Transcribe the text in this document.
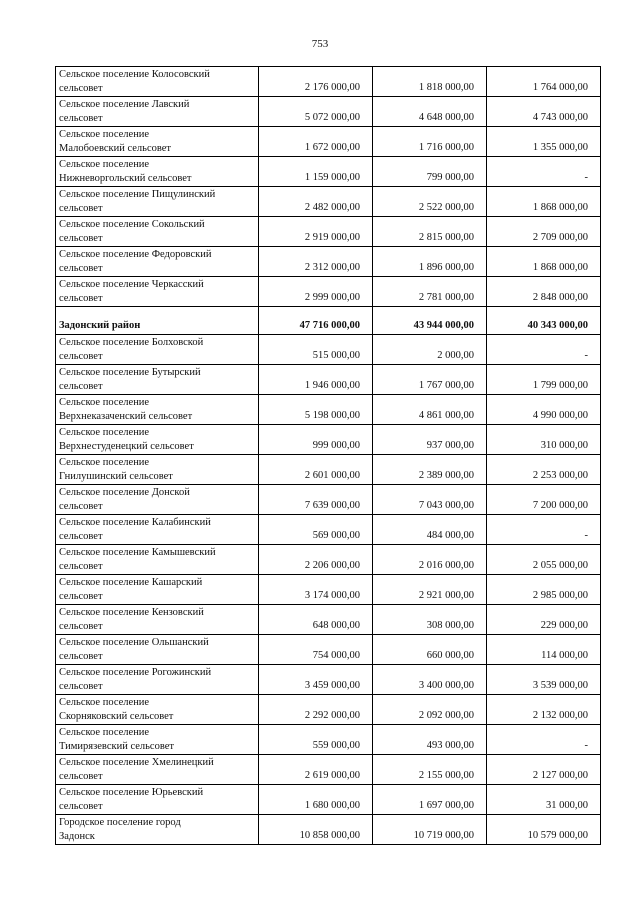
753
Сельское поселение Колосовский
сельсовет	2 176 000,00	1 818 000,00	1 764 000,00
Сельское поселение Лавский
сельсовет	5 072 000,00	4 648 000,00	4 743 000,00
Сельское поселение
Малобоевский сельсовет	1 672 000,00	1 716 000,00	1 355 000,00
Сельское поселение
Нижневоргольский сельсовет	1 159 000,00	799 000,00	-
Сельское поселение Пищулинский
сельсовет	2 482 000,00	2 522 000,00	1 868 000,00
Сельское поселение Сокольский
сельсовет	2 919 000,00	2 815 000,00	2 709 000,00
Сельское поселение Федоровский
сельсовет	2 312 000,00	1 896 000,00	1 868 000,00
Сельское поселение Черкасский
сельсовет	2 999 000,00	2 781 000,00	2 848 000,00
Задонский район	47 716 000,00	43 944 000,00	40 343 000,00
Сельское поселение Болховской
сельсовет	515 000,00	2 000,00	-
Сельское поселение Бутырский
сельсовет	1 946 000,00	1 767 000,00	1 799 000,00
Сельское поселение
Верхнеказаченский сельсовет	5 198 000,00	4 861 000,00	4 990 000,00
Сельское поселение
Верхнестуденецкий сельсовет	999 000,00	937 000,00	310 000,00
Сельское поселение
Гнилушинский сельсовет	2 601 000,00	2 389 000,00	2 253 000,00
Сельское поселение Донской
сельсовет	7 639 000,00	7 043 000,00	7 200 000,00
Сельское поселение Калабинский
сельсовет	569 000,00	484 000,00	-
Сельское поселение Камышевский
сельсовет	2 206 000,00	2 016 000,00	2 055 000,00
Сельское поселение Кашарский
сельсовет	3 174 000,00	2 921 000,00	2 985 000,00
Сельское поселение Кензовский
сельсовет	648 000,00	308 000,00	229 000,00
Сельское поселение Ольшанский
сельсовет	754 000,00	660 000,00	114 000,00
Сельское поселение Рогожинский
сельсовет	3 459 000,00	3 400 000,00	3 539 000,00
Сельское поселение
Скорняковский сельсовет	2 292 000,00	2 092 000,00	2 132 000,00
Сельское поселение
Тимирязевский сельсовет	559 000,00	493 000,00	-
Сельское поселение Хмелинецкий
сельсовет	2 619 000,00	2 155 000,00	2 127 000,00
Сельское поселение Юрьевский
сельсовет	1 680 000,00	1 697 000,00	31 000,00
Городское поселение город
Задонск	10 858 000,00	10 719 000,00	10 579 000,00
